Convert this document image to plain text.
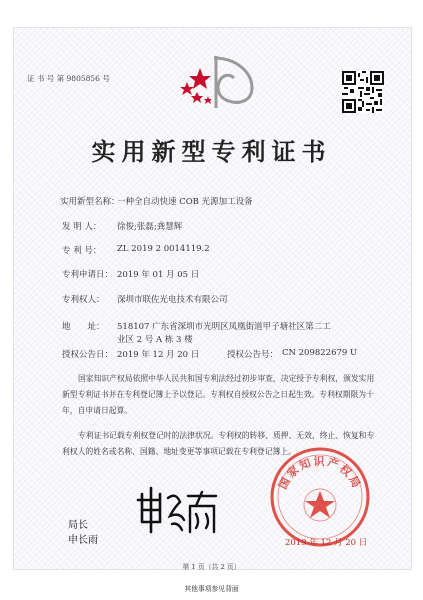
证 书 号 第 9805856 号
实用新型专利证书
实用新型名称：
一种全自动快速 COB 光源加工设备
发 明 人： 徐俊;张磊;龚慧辉
专 利 号： ZL 2019 2 0014119.2
专利申请日： 2019 年 01 月 05 日
专利权人： 深圳市联佐光电技术有限公司
地　　址： 518107 广东省深圳市光明区凤凰街道甲子塘社区第二工
业区 2 号 A 栋 3 楼
授权公告日： 2019 年 12 月 20 日	授权公告号： CN 209822679 U
国家知识产权局依照中华人民共和国专利法经过初步审查，决定授予专利权，颁发实用新型专利证书并在专利登记簿上予以登记。专利权自授权公告之日起生效。专利权期限为十年，自申请日起算。
专利证书记载专利权登记时的法律状况。专利权的转移、质押、无效、终止、恢复和专利权人的姓名或名称、国籍、地址变更等事项记载在专利登记簿上。
国家知识产权局
局长
申长雨	2019 年 12 月 20 日
第 1 页（共 2 页）
其他事项参见背面
